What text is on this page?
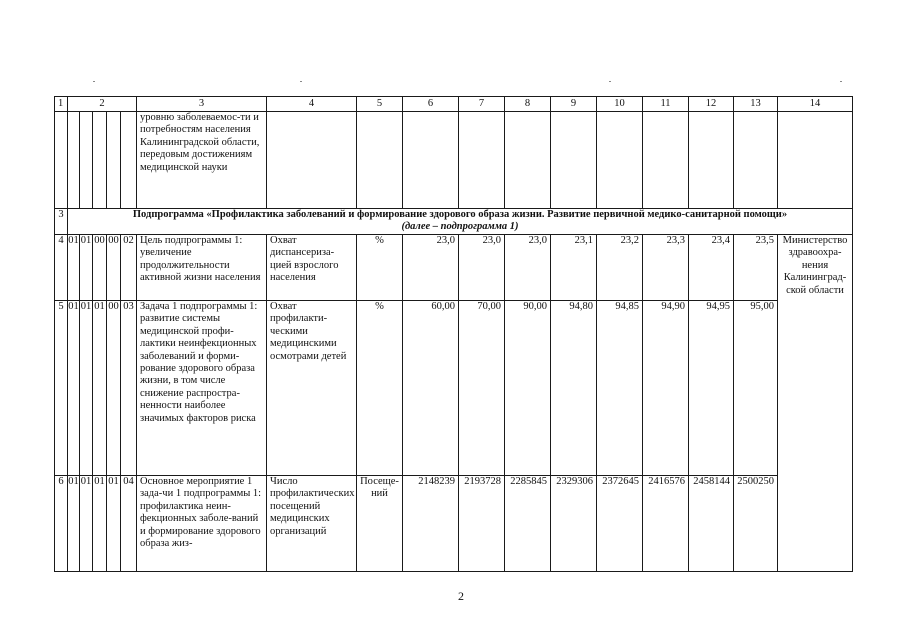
1	2					3	4	5	6	7	8	9	10	11	12	13	14
						уровню заболеваемос-ти и потребностям населения Калининградской области, передовым достижениям медицинской науки											
3	Подпрограмма «Профилактика заболеваний и формирование здорового образа жизни. Развитие первичной медико-санитарной помощи»
(далее – подпрограмма 1)																

4	01	01	00	00	02	Цель подпрограммы 1: увеличение продолжительности активной жизни населения	Охват диспансериза-цией взрослого населения	%	23,0	23,0	23,0	23,1	23,2	23,3	23,4	23,5	Министерство здравоохра-нения Калининград-ской области
5	01	01	01	00	03	Задача 1 подпрограммы 1: развитие системы медицинской профи-лактики неинфекционных заболеваний и форми-рование здорового образа жизни, в том числе снижение распростра-ненности наиболее значимых факторов риска	Охват профилакти-ческими медицинскими осмотрами детей	%	60,00	70,00	90,00	94,80	94,85	94,90	94,95	95,00	
6	01	01	01	01	04	Основное мероприятие 1 зада-чи 1 подпрограммы 1: профилактика неин-фекционных заболе-ваний и формирование здорового образа жиз-	Число профилактических посещений медицинских организаций	Посеще-ний	2148239	2193728	2285845	2329306	2372645	2416576	2458144	2500250	
2
